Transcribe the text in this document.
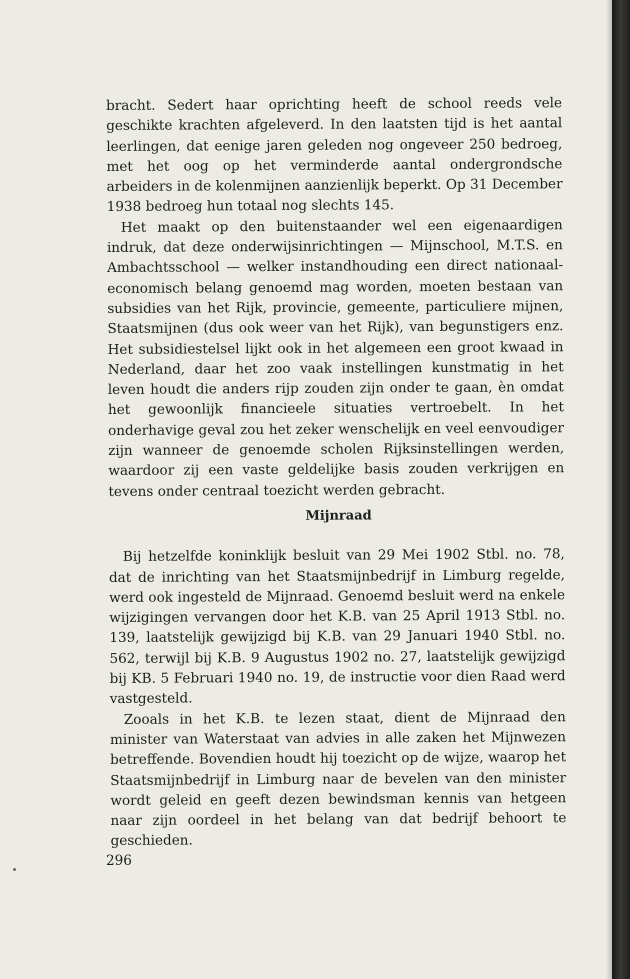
bracht. Sedert haar oprichting heeft de school reeds vele geschikte krachten afgeleverd. In den laatsten tijd is het aantal leerlingen, dat eenige jaren geleden nog ongeveer 250 bedroeg, met het oog op het verminderde aantal ondergrondsche arbeiders in de kolenmijnen aanzienlijk beperkt. Op 31 December 1938 bedroeg hun totaal nog slechts 145.

Het maakt op den buitenstaander wel een eigenaardigen indruk, dat deze onderwijsinrichtingen — Mijnschool, M.T.S. en Ambachtsschool — welker instandhouding een direct nationaal-economisch belang genoemd mag worden, moeten bestaan van subsidies van het Rijk, provincie, gemeente, particuliere mijnen, Staatsmijnen (dus ook weer van het Rijk), van begunstigers enz. Het subsidiestelsel lijkt ook in het algemeen een groot kwaad in Nederland, daar het zoo vaak instellingen kunstmatig in het leven houdt die anders rijp zouden zijn onder te gaan, èn omdat het gewoonlijk financieele situaties vertroebelt. In het onderhavige geval zou het zeker wenschelijk en veel eenvoudiger zijn wanneer de genoemde scholen Rijksinstellingen werden, waardoor zij een vaste geldelijke basis zouden verkrijgen en tevens onder centraal toezicht werden gebracht.

Mijnraad

Bij hetzelfde koninklijk besluit van 29 Mei 1902 Stbl. no. 78, dat de inrichting van het Staatsmijnbedrijf in Limburg regelde, werd ook ingesteld de Mijnraad. Genoemd besluit werd na enkele wijzigingen vervangen door het K.B. van 25 April 1913 Stbl. no. 139, laatstelijk gewijzigd bij K.B. van 29 Januari 1940 Stbl. no. 562, terwijl bij K.B. 9 Augustus 1902 no. 27, laatstelijk gewijzigd bij KB. 5 Februari 1940 no. 19, de instructie voor dien Raad werd vastgesteld.

Zooals in het K.B. te lezen staat, dient de Mijnraad den minister van Waterstaat van advies in alle zaken het Mijnwezen betreffende. Bovendien houdt hij toezicht op de wijze, waarop het Staatsmijnbedrijf in Limburg naar de bevelen van den minister wordt geleid en geeft dezen bewindsman kennis van hetgeen naar zijn oordeel in het belang van dat bedrijf behoort te geschieden.

296
